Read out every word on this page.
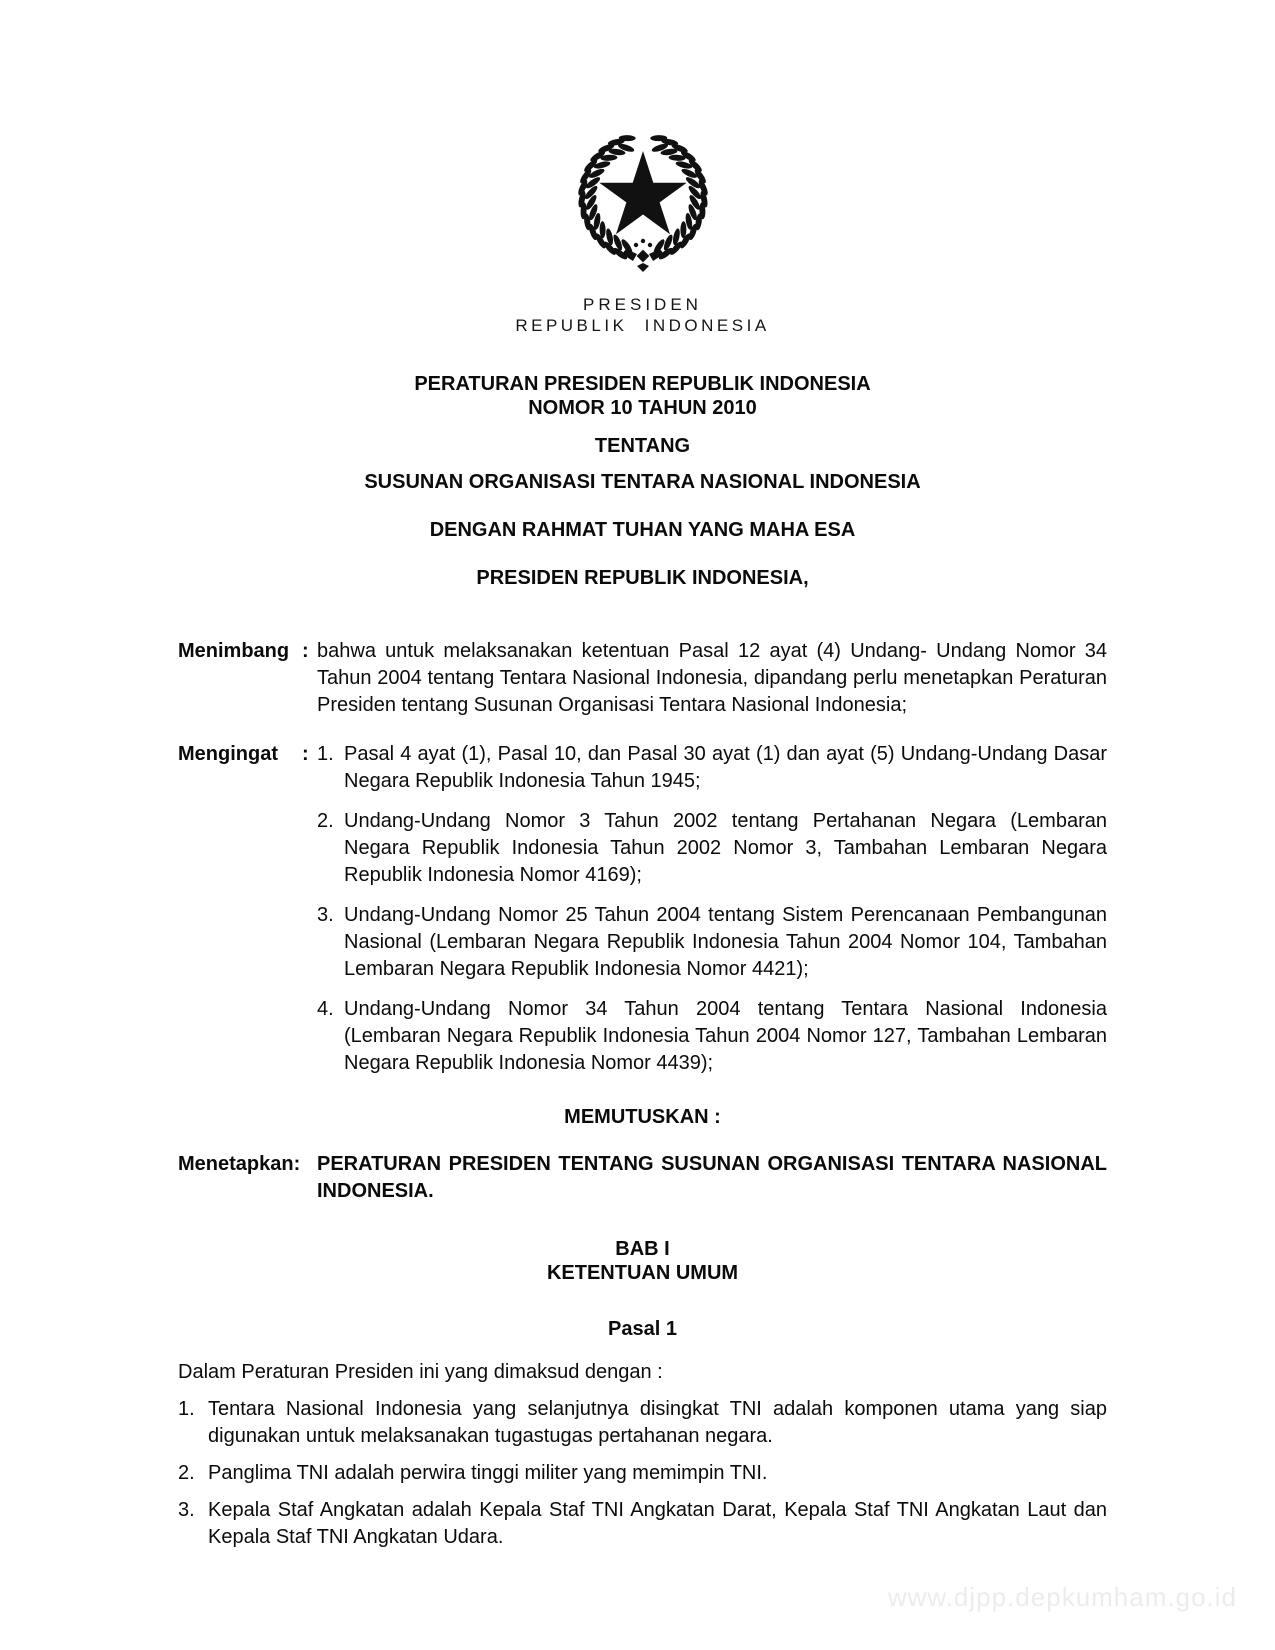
PRESIDEN
REPUBLIK INDONESIA
PERATURAN PRESIDEN REPUBLIK INDONESIA
NOMOR 10 TAHUN 2010
TENTANG
SUSUNAN ORGANISASI TENTARA NASIONAL INDONESIA
DENGAN RAHMAT TUHAN YANG MAHA ESA
PRESIDEN REPUBLIK INDONESIA,
Menimbang : bahwa untuk melaksanakan ketentuan Pasal 12 ayat (4) Undang- Undang Nomor 34 Tahun 2004 tentang Tentara Nasional Indonesia, dipandang perlu menetapkan Peraturan Presiden tentang Susunan Organisasi Tentara Nasional Indonesia;
Mengingat	: 1. Pasal 4 ayat (1), Pasal 10, dan Pasal 30 ayat (1) dan ayat (5) Undang-Undang Dasar Negara Republik Indonesia Tahun 1945;
2. Undang-Undang Nomor 3 Tahun 2002 tentang Pertahanan Negara (Lembaran Negara Republik Indonesia Tahun 2002 Nomor 3, Tambahan Lembaran Negara Republik Indonesia Nomor 4169);
3. Undang-Undang Nomor 25 Tahun 2004 tentang Sistem Perencanaan Pembangunan Nasional (Lembaran Negara Republik Indonesia Tahun 2004 Nomor 104, Tambahan Lembaran Negara Republik Indonesia Nomor 4421);
4. Undang-Undang Nomor 34 Tahun 2004 tentang Tentara Nasional Indonesia (Lembaran Negara Republik Indonesia Tahun 2004 Nomor 127, Tambahan Lembaran Negara Republik Indonesia Nomor 4439);
MEMUTUSKAN :
Menetapkan: PERATURAN PRESIDEN TENTANG SUSUNAN ORGANISASI TENTARA NASIONAL INDONESIA.
BAB I
KETENTUAN UMUM
Pasal 1
Dalam Peraturan Presiden ini yang dimaksud dengan :
1. Tentara Nasional Indonesia yang selanjutnya disingkat TNI adalah komponen utama yang siap digunakan untuk melaksanakan tugastugas pertahanan negara.
2. Panglima TNI adalah perwira tinggi militer yang memimpin TNI.
3. Kepala Staf Angkatan adalah Kepala Staf TNI Angkatan Darat, Kepala Staf TNI Angkatan Laut dan Kepala Staf TNI Angkatan Udara.
www.djpp.depkumham.go.id
